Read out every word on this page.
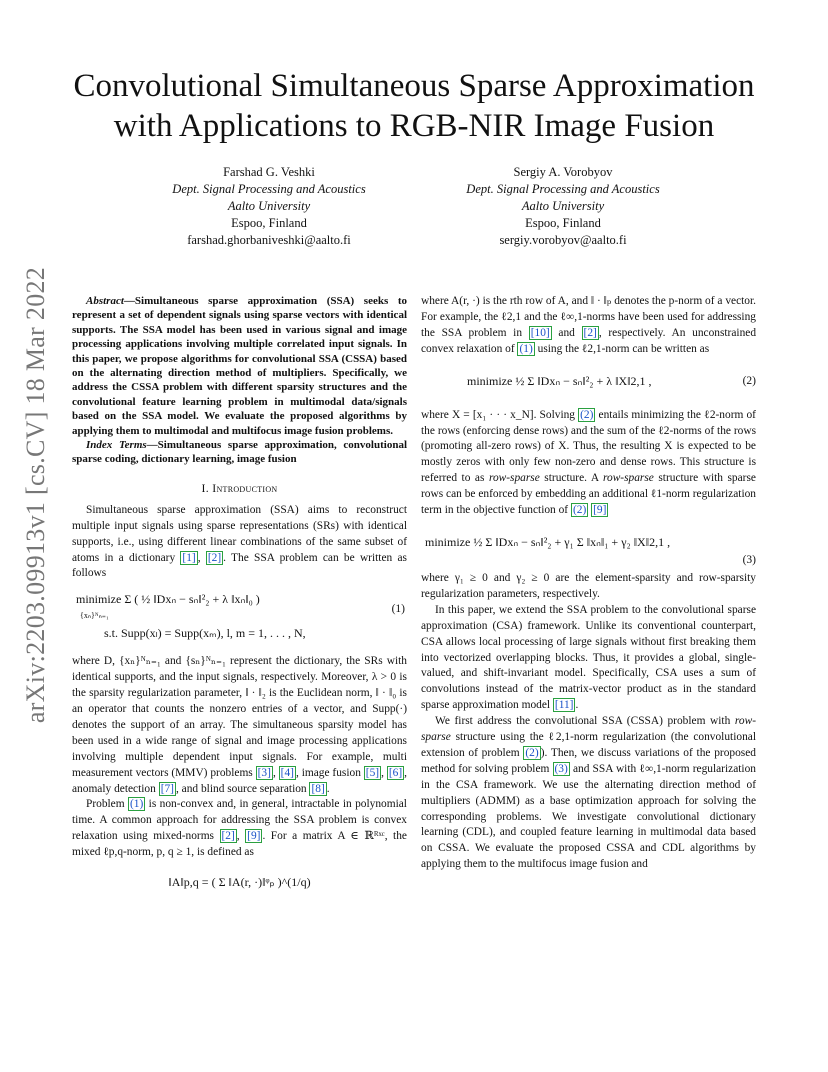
arXiv:2203.09913v1 [cs.CV] 18 Mar 2022
Convolutional Simultaneous Sparse Approximation
with Applications to RGB-NIR Image Fusion
Farshad G. Veshki
Dept. Signal Processing and Acoustics
Aalto University
Espoo, Finland
farshad.ghorbaniveshki@aalto.fi
Sergiy A. Vorobyov
Dept. Signal Processing and Acoustics
Aalto University
Espoo, Finland
sergiy.vorobyov@aalto.fi

Abstract—Simultaneous sparse approximation (SSA) seeks to represent a set of dependent signals using sparse vectors with identical supports. The SSA model has been used in various signal and image processing applications involving multiple correlated input signals. In this paper, we propose algorithms for convolutional SSA (CSSA) based on the alternating direction method of multipliers. Specifically, we address the CSSA problem with different sparsity structures and the convolutional feature learning problem in multimodal data/signals based on the SSA model. We evaluate the proposed algorithms by applying them to multimodal and multifocus image fusion problems.

Index Terms—Simultaneous sparse approximation, convolutional sparse coding, dictionary learning, image fusion

I. Introduction

Simultaneous sparse approximation (SSA) aims to reconstruct multiple input signals using sparse representations (SRs) with identical supports, i.e., using different linear combinations of the same subset of atoms in a dictionary [1] , [2] . The SSA problem can be written as follows

minimize Σ ( ½ ‖Dxₙ − sₙ‖²₂ + λ ‖xₙ‖₀ )
{xₙ}ᴺₙ₌₁
s.t. Supp(xₗ) = Supp(xₘ), l, m = 1, . . . , N,
(1)

where D, {xₙ}ᴺₙ₌₁ and {sₙ}ᴺₙ₌₁ represent the dictionary, the SRs with identical supports, and the input signals, respectively. Moreover, λ > 0 is the sparsity regularization parameter, ‖ · ‖₂ is the Euclidean norm, ‖ · ‖₀ is an operator that counts the nonzero entries of a vector, and Supp(·) denotes the support of an array. The simultaneous sparsity model has been used in a wide range of signal and image processing applications involving multiple dependent input signals. For example, multi measurement vectors (MMV) problems [3] , [4] , image fusion [5] , [6] , anomaly detection [7] , and blind source separation [8] .

Problem (1) is non-convex and, in general, intractable in polynomial time. A common approach for addressing the SSA problem is convex relaxation using mixed-norms [2] , [9] . For a matrix A ∈ ℝᴿˣᶜ, the mixed ℓp,q-norm, p, q ≥ 1, is defined as

‖A‖p,q = ( Σ ‖A(r, ·)‖ᵠₚ )^(1/q)

where A(r, ·) is the rth row of A, and ‖ · ‖ₚ denotes the p-norm of a vector. For example, the ℓ2,1 and the ℓ∞,1-norms have been used for addressing the SSA problem in [10] and [2] , respectively. An unconstrained convex relaxation of (1) using the ℓ2,1-norm can be written as

minimize ½ Σ ‖Dxₙ − sₙ‖²₂ + λ ‖X‖2,1 ,	(2)

where X = [x₁ · · · x_N]. Solving (2) entails minimizing the ℓ2-norm of the rows (enforcing dense rows) and the sum of the ℓ2-norms of the rows (promoting all-zero rows) of X. Thus, the resulting X is expected to be mostly zeros with only few non-zero and dense rows. This structure is referred to as row-sparse structure. A row-sparse structure with sparse rows can be enforced by embedding an additional ℓ1-norm regularization term in the objective function of (2) [9]

minimize ½ Σ ‖Dxₙ − sₙ‖²₂ + γ₁ Σ ‖xₙ‖₁ + γ₂ ‖X‖2,1 ,
(3)

where γ₁ ≥ 0 and γ₂ ≥ 0 are the element-sparsity and row-sparsity regularization parameters, respectively.

In this paper, we extend the SSA problem to the convolutional sparse approximation (CSA) framework. Unlike its conventional counterpart, CSA allows local processing of large signals without first breaking them into vectorized overlapping blocks. Thus, it provides a global, single-valued, and shift-invariant model. Specifically, CSA uses a sum of convolutions instead of the matrix-vector product as in the standard sparse approximation model [11] .

We first address the convolutional SSA (CSSA) problem with row-sparse structure using the ℓ2,1-norm regularization (the convolutional extension of problem (2) ). Then, we discuss variations of the proposed method for solving problem (3) and SSA with ℓ∞,1-norm regularization in the CSA framework. We use the alternating direction method of multipliers (ADMM) as a base optimization approach for solving the corresponding problems. We investigate convolutional dictionary learning (CDL), and coupled feature learning in multimodal data based on CSSA. We evaluate the proposed CSSA and CDL algorithms by applying them to the multifocus image fusion and
